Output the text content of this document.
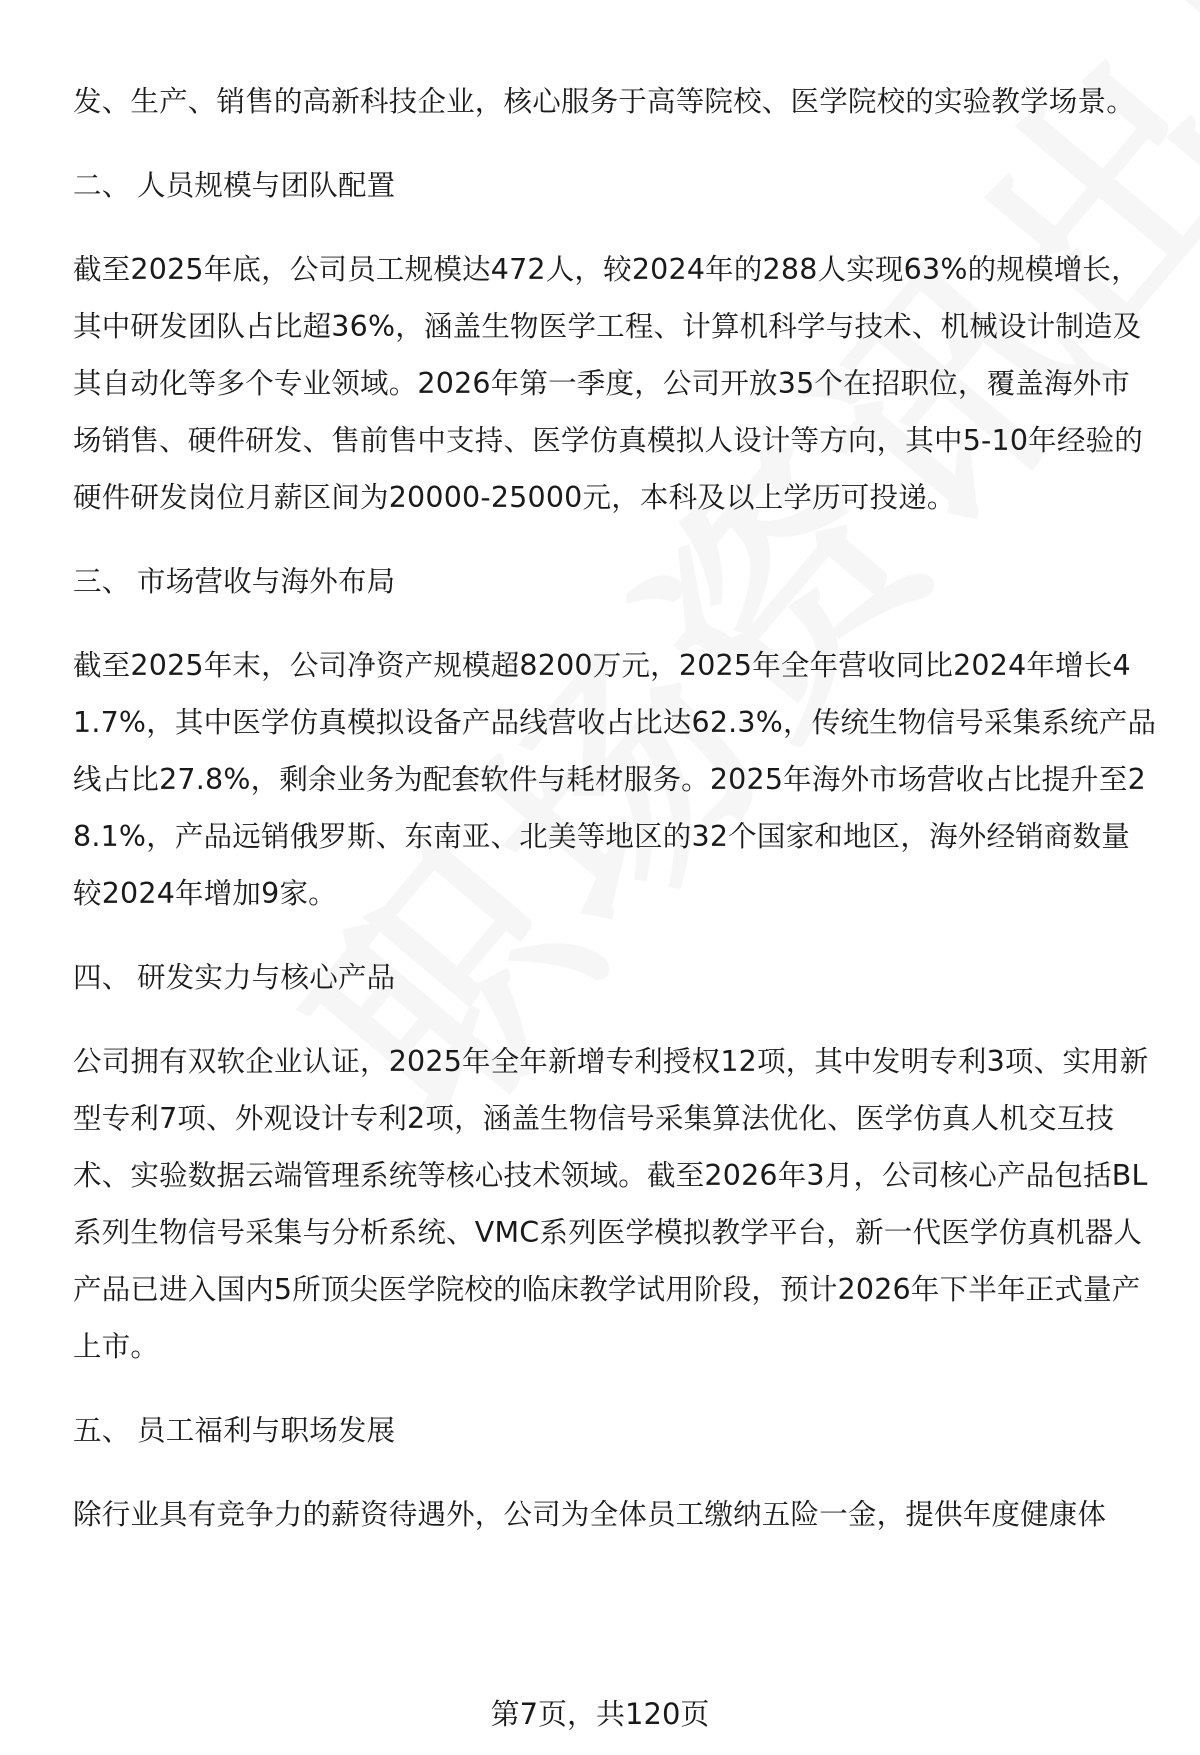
发、生产、销售的高新科技企业，核心服务于高等院校、医学院校的实验教学场景。

二、 人员规模与团队配置

截至2025年底，公司员工规模达472人，较2024年的288人实现63%的规模增长，其中研发团队占比超36%，涵盖生物医学工程、计算机科学与技术、机械设计制造及其自动化等多个专业领域。2026年第一季度，公司开放35个在招职位，覆盖海外市场销售、硬件研发、售前售中支持、医学仿真模拟人设计等方向，其中5-10年经验的硬件研发岗位月薪区间为20000-25000元，本科及以上学历可投递。

三、 市场营收与海外布局

截至2025年末，公司净资产规模超8200万元，2025年全年营收同比2024年增长41.7%，其中医学仿真模拟设备产品线营收占比达62.3%，传统生物信号采集系统产品线占比27.8%，剩余业务为配套软件与耗材服务。2025年海外市场营收占比提升至28.1%，产品远销俄罗斯、东南亚、北美等地区的32个国家和地区，海外经销商数量较2024年增加9家。

四、 研发实力与核心产品

公司拥有双软企业认证，2025年全年新增专利授权12项，其中发明专利3项、实用新型专利7项、外观设计专利2项，涵盖生物信号采集算法优化、医学仿真人机交互技术、实验数据云端管理系统等核心技术领域。截至2026年3月，公司核心产品包括BL系列生物信号采集与分析系统、VMC系列医学模拟教学平台，新一代医学仿真机器人产品已进入国内5所顶尖医学院校的临床教学试用阶段，预计2026年下半年正式量产上市。

五、 员工福利与职场发展

除行业具有竞争力的薪资待遇外，公司为全体员工缴纳五险一金，提供年度健康体

第7页，共120页
